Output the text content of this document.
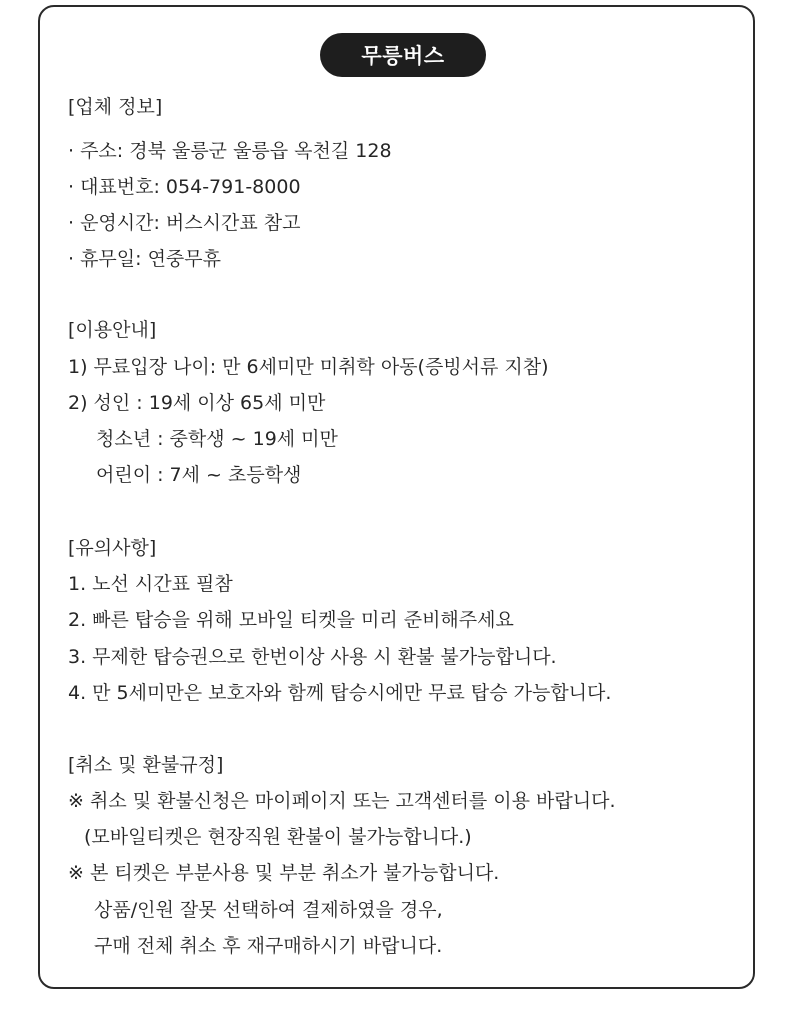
무릉버스
[업체 정보]
· 주소: 경북 울릉군 울릉읍 옥천길 128
· 대표번호: 054-791-8000
· 운영시간: 버스시간표 참고
· 휴무일: 연중무휴
[이용안내]
1) 무료입장 나이: 만 6세미만 미취학 아동(증빙서류 지참)
2) 성인 : 19세 이상 65세 미만
청소년 : 중학생 ~ 19세 미만
어린이 : 7세 ~ 초등학생
[유의사항]
1. 노선 시간표 필참
2. 빠른 탑승을 위해 모바일 티켓을 미리 준비해주세요
3. 무제한 탑승권으로 한번이상 사용 시 환불 불가능합니다.
4. 만 5세미만은 보호자와 함께 탑승시에만 무료 탑승 가능합니다.
[취소 및 환불규정]
※ 취소 및 환불신청은 마이페이지 또는 고객센터를 이용 바랍니다.
(모바일티켓은 현장직원 환불이 불가능합니다.)
※ 본 티켓은 부분사용 및 부분 취소가 불가능합니다.
상품/인원 잘못 선택하여 결제하였을 경우,
구매 전체 취소 후 재구매하시기 바랍니다.
